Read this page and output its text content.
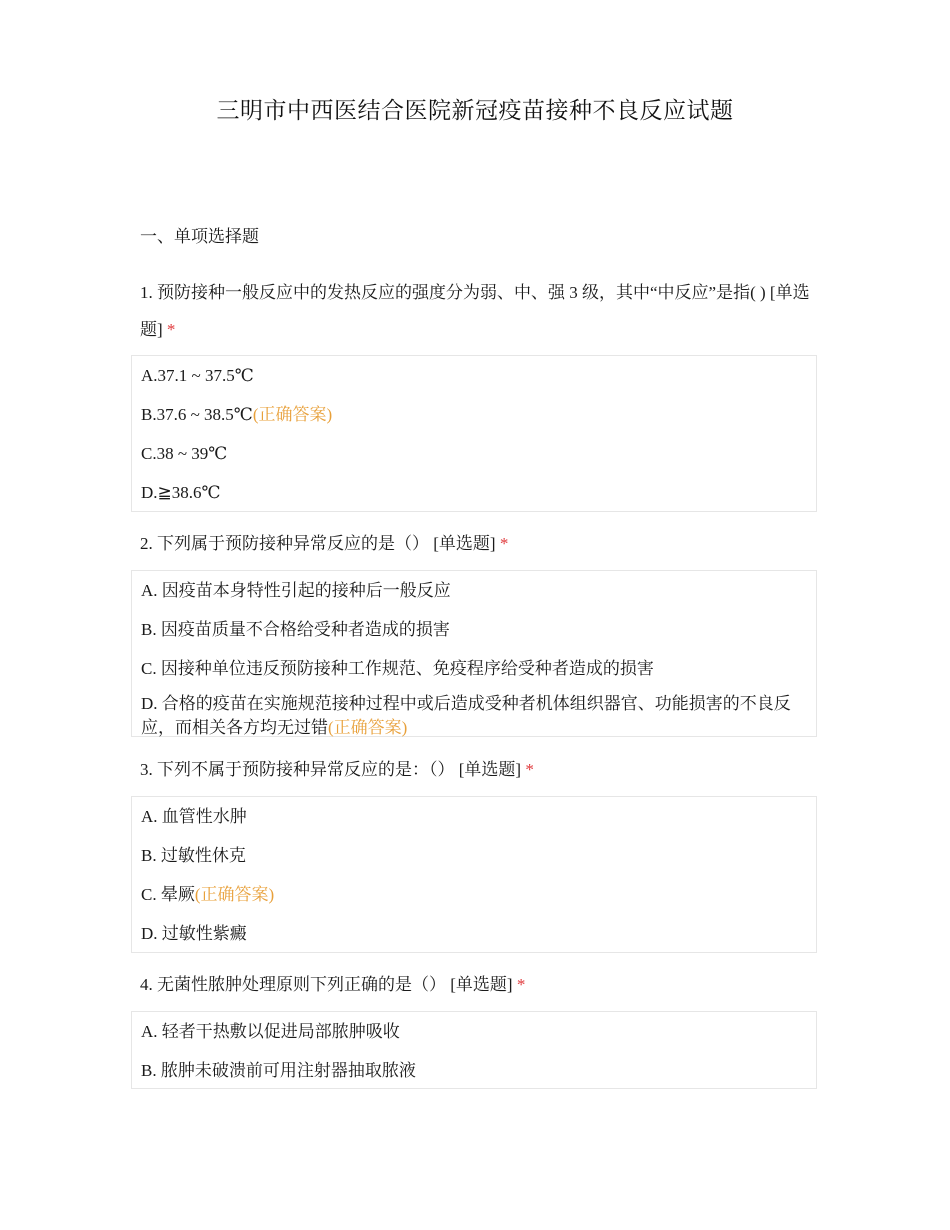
三明市中西医结合医院新冠疫苗接种不良反应试题
一、单项选择题
1. 预防接种一般反应中的发热反应的强度分为弱、中、强 3 级，其中“中反应”是指( ) [单选题] *
A.37.1 ~ 37.5℃
B.37.6 ~ 38.5℃ (正确答案)
C.38 ~ 39℃
D.≧38.6℃
2. 下列属于预防接种异常反应的是（） [单选题] *
A. 因疫苗本身特性引起的接种后一般反应
B. 因疫苗质量不合格给受种者造成的损害
C. 因接种单位违反预防接种工作规范、免疫程序给受种者造成的损害
D. 合格的疫苗在实施规范接种过程中或后造成受种者机体组织器官、功能损害的不良反应，而相关各方均无过错(正确答案)
3. 下列不属于预防接种异常反应的是：（） [单选题] *
A. 血管性水肿
B. 过敏性休克
C. 晕厥 (正确答案)
D. 过敏性紫癜
4. 无菌性脓肿处理原则下列正确的是（） [单选题] *
A. 轻者干热敷以促进局部脓肿吸收
B. 脓肿未破溃前可用注射器抽取脓液
